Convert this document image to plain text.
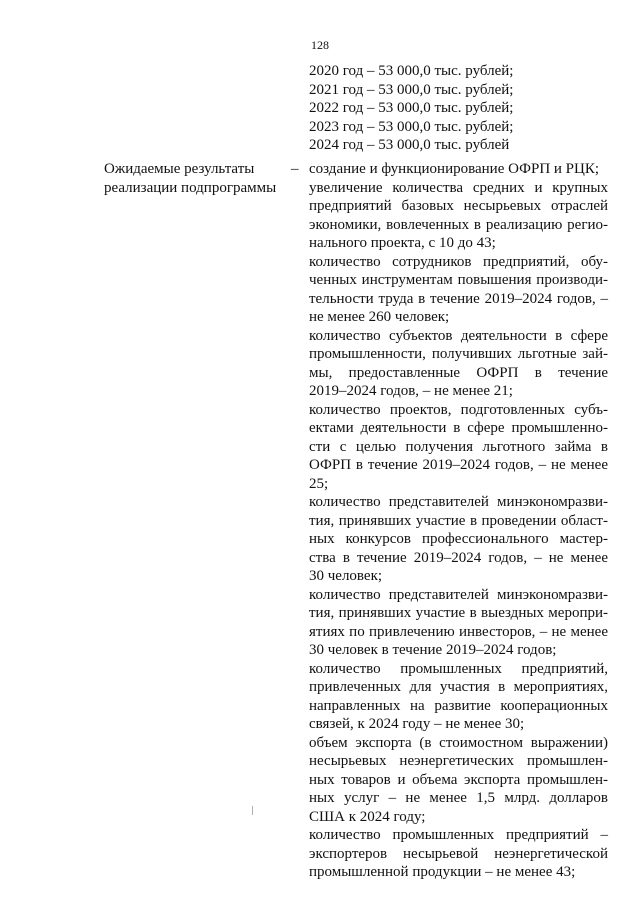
128
2020 год – 53 000,0 тыс. рублей;
2021 год – 53 000,0 тыс. рублей;
2022 год – 53 000,0 тыс. рублей;
2023 год – 53 000,0 тыс. рублей;
2024 год – 53 000,0 тыс. рублей
Ожидаемые результаты
реализации подпрограммы
– создание и функционирование ОФРП и РЦК;
увеличение количества средних и крупных
предприятий базовых несырьевых отраслей
экономики, вовлеченных в реализацию регио-
нального проекта, с 10 до 43;
количество сотрудников предприятий, обу-
ченных инструментам повышения производи-
тельности труда в течение 2019–2024 годов, –
не менее 260 человек;
количество субъектов деятельности в сфере
промышленности, получивших льготные зай-
мы, предоставленные ОФРП в течение
2019–2024 годов, – не менее 21;
количество проектов, подготовленных субъ-
ектами деятельности в сфере промышленно-
сти с целью получения льготного займа в
ОФРП в течение 2019–2024 годов, – не менее
25;
количество представителей минэкономразви-
тия, принявших участие в проведении област-
ных конкурсов профессионального мастер-
ства в течение 2019–2024 годов, – не менее
30 человек;
количество представителей минэкономразви-
тия, принявших участие в выездных меропри-
ятиях по привлечению инвесторов, – не менее
30 человек в течение 2019–2024 годов;
количество промышленных предприятий,
привлеченных для участия в мероприятиях,
направленных на развитие кооперационных
связей, к 2024 году – не менее 30;
объем экспорта (в стоимостном выражении)
несырьевых неэнергетических промышлен-
ных товаров и объема экспорта промышлен-
ных услуг – не менее 1,5 млрд. долларов
США к 2024 году;
количество промышленных предприятий –
экспортеров несырьевой неэнергетической
промышленной продукции – не менее 43;
